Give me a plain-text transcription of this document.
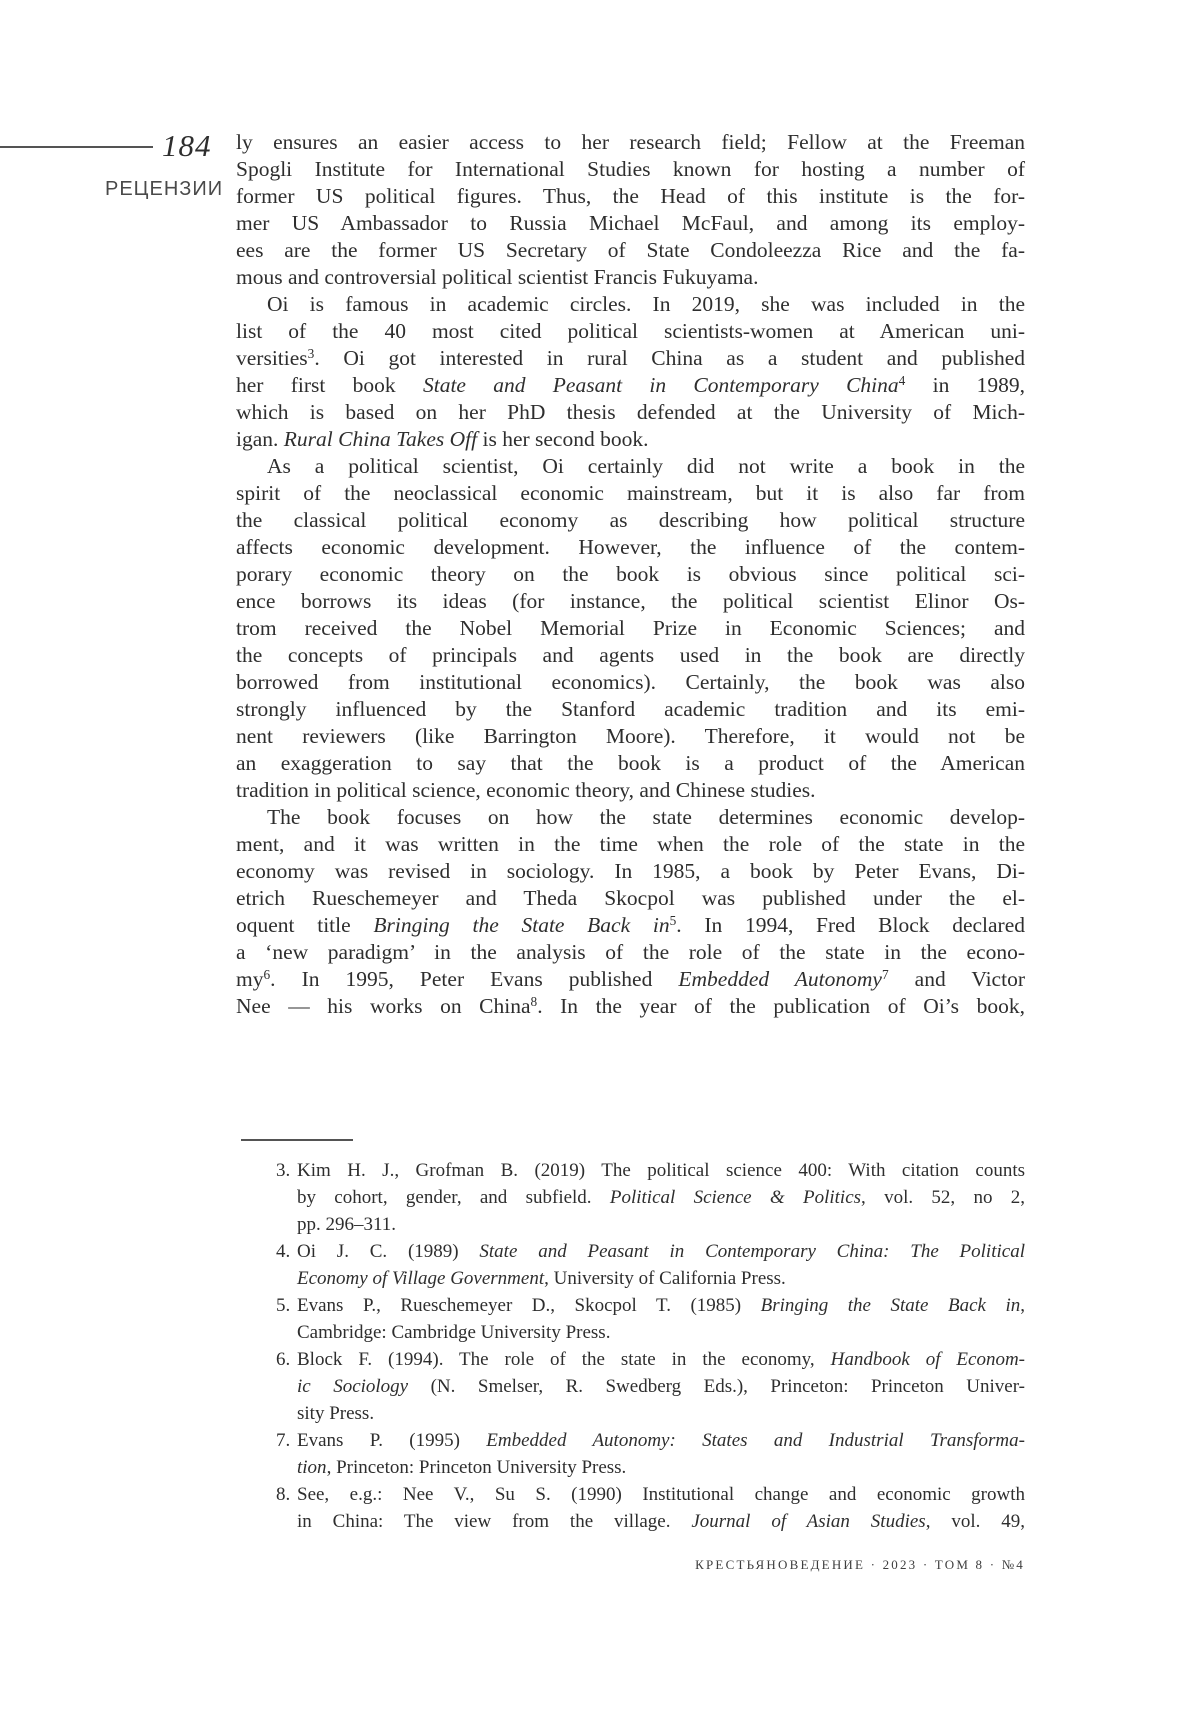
184
РЕЦЕНЗИИ
ly ensures an easier access to her research field; Fellow at the Freeman
Spogli Institute for International Studies known for hosting a number of
former US political figures. Thus, the Head of this institute is the for-
mer US Ambassador to Russia Michael McFaul, and among its employ-
ees are the former US Secretary of State Condoleezza Rice and the fa-
mous and controversial political scientist Francis Fukuyama.
Oi is famous in academic circles. In 2019, she was included in the
list of the 40 most cited political scientists-women at American uni-
versities$^3$. Oi got interested in rural China as a student and published
her first book State and Peasant in Contemporary China$^4$ in 1989,
which is based on her PhD thesis defended at the University of Mich-
igan. Rural China Takes Off is her second book.
As a political scientist, Oi certainly did not write a book in the
spirit of the neoclassical economic mainstream, but it is also far from
the classical political economy as describing how political structure
affects economic development. However, the influence of the contem-
porary economic theory on the book is obvious since political sci-
ence borrows its ideas (for instance, the political scientist Elinor Os-
trom received the Nobel Memorial Prize in Economic Sciences; and
the concepts of principals and agents used in the book are directly
borrowed from institutional economics). Certainly, the book was also
strongly influenced by the Stanford academic tradition and its emi-
nent reviewers (like Barrington Moore). Therefore, it would not be
an exaggeration to say that the book is a product of the American
tradition in political science, economic theory, and Chinese studies.
The book focuses on how the state determines economic develop-
ment, and it was written in the time when the role of the state in the
economy was revised in sociology. In 1985, a book by Peter Evans, Di-
etrich Rueschemeyer and Theda Skocpol was published under the el-
oquent title Bringing the State Back $in^5$. In 1994, Fred Block declared
a ‘new paradigm’ in the analysis of the role of the state in the econo-
$my^6$. In 1995, Peter Evans published Embedded Autonomy$^7$ and Victor
Nee — his works on China$^8$. In the year of the publication of Oi’s book,
3. Kim H. J., Grofman B. (2019) The political science 400: With citation counts
by cohort, gender, and subfield. Political Science & Politics, vol. 52, no 2,
pp. 296–311.
4. Oi J. C. (1989) State and Peasant in Contemporary China: The Political
Economy of Village Government, University of California Press.
5. Evans P., Rueschemeyer D., Skocpol T. (1985) Bringing the State Back in,
Cambridge: Cambridge University Press.
6. Block F. (1994). The role of the state in the economy, Handbook of Econom-
ic Sociology (N. Smelser, R. Swedberg Eds.), Princeton: Princeton Univer-
sity Press.
7. Evans P. (1995) Embedded Autonomy: States and Industrial Transforma-
tion, Princeton: Princeton University Press.
8. See, e.g.: Nee V., Su S. (1990) Institutional change and economic growth
in China: The view from the village. Journal of Asian Studies, vol. 49,
КРЕСТЬЯНОВЕДЕНИЕ · 2023 · ТОМ 8 · №4
